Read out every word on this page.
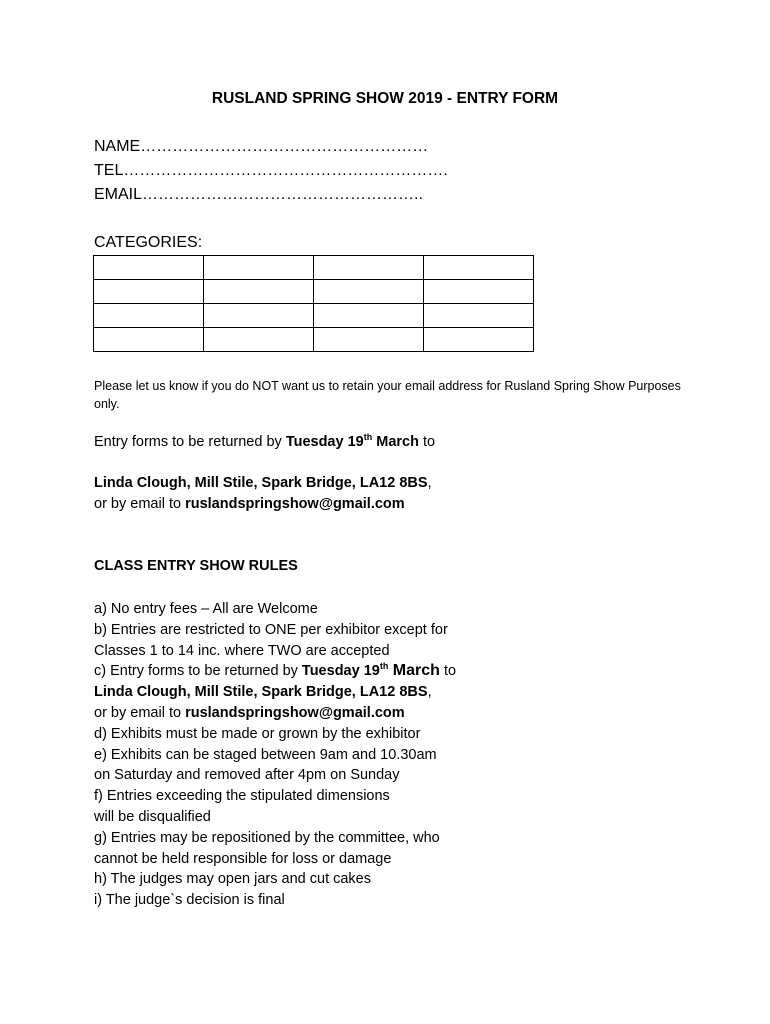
RUSLAND SPRING SHOW 2019 - ENTRY FORM
NAME………………………………………………
TEL…………………………………………………….
EMAIL……………………………………………..
CATEGORIES:

Please let us know if you do NOT want us to retain your email address for Rusland Spring Show Purposes only.
Entry forms to be returned by Tuesday 19th March to
Linda Clough, Mill Stile, Spark Bridge, LA12 8BS,
or by email to ruslandspringshow@gmail.com
CLASS ENTRY SHOW RULES
a) No entry fees – All are Welcome
b) Entries are restricted to ONE per exhibitor except for
Classes 1 to 14 inc. where TWO are accepted
c) Entry forms to be returned by Tuesday 19th March to
Linda Clough, Mill Stile, Spark Bridge, LA12 8BS,
or by email to ruslandspringshow@gmail.com
d) Exhibits must be made or grown by the exhibitor
e) Exhibits can be staged between 9am and 10.30am
on Saturday and removed after 4pm on Sunday
f) Entries exceeding the stipulated dimensions
will be disqualified
g) Entries may be repositioned by the committee, who
cannot be held responsible for loss or damage
h) The judges may open jars and cut cakes
i) The judge`s decision is final
